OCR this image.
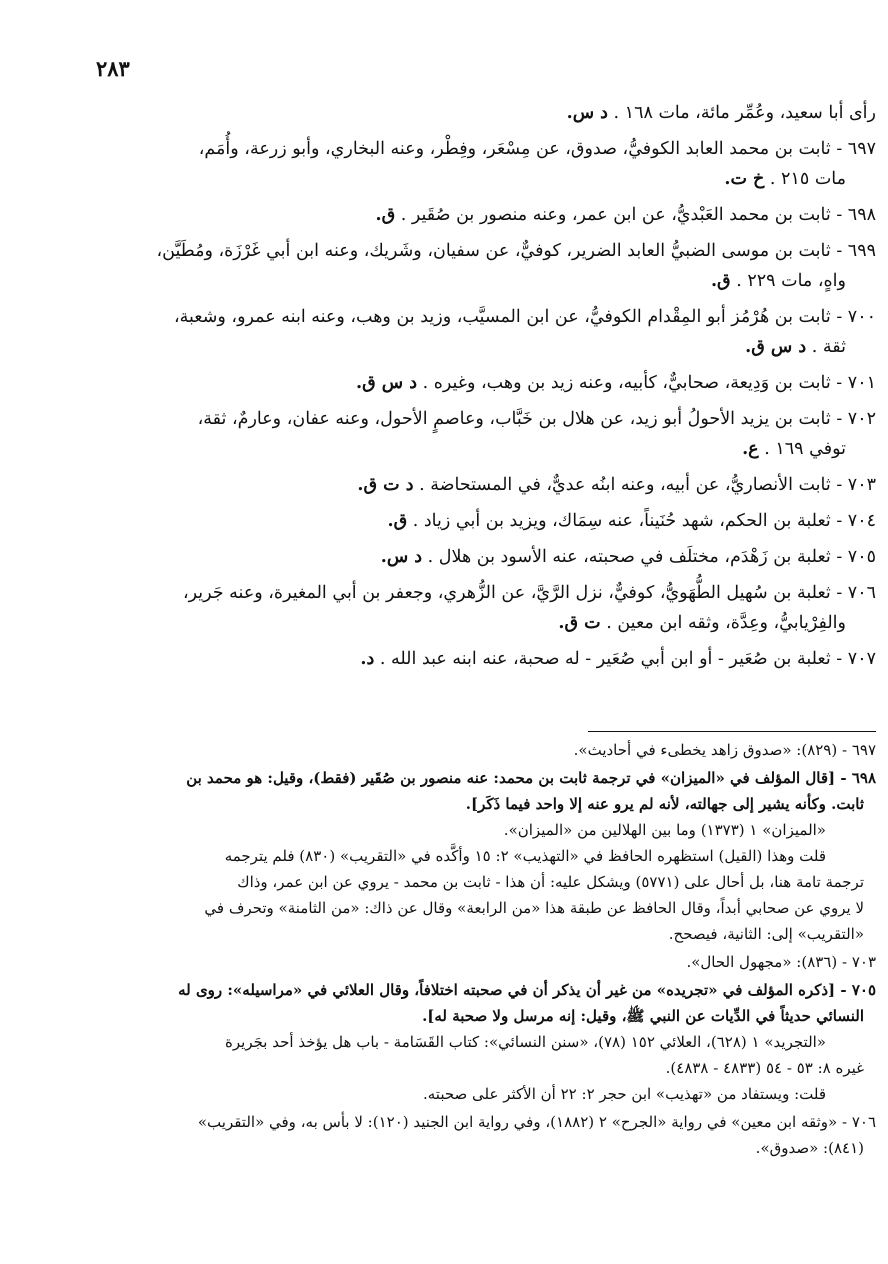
٢٨٣
رأى أبا سعيد، وعُمِّر مائة، مات ١٦٨ . د س.
٦٩٧ - ثابت بن محمد العابد الكوفيُّ، صدوق، عن مِسْعَر، وفِطْر، وعنه البخاري، وأبو زرعة، وأُمَم،
مات ٢١٥ . خ ت.
٦٩٨ - ثابت بن محمد العَبْديُّ، عن ابن عمر، وعنه منصور بن صُقَير . ق.
٦٩٩ - ثابت بن موسى الضبيُّ العابد الضرير، كوفيٌّ، عن سفيان، وشَريك، وعنه ابن أبي غَرْزَة، ومُطَيَّن،
واهٍ، مات ٢٢٩ . ق.
٧٠٠ - ثابت بن هُرْمُز أبو المِقْدام الكوفيُّ، عن ابن المسيَّب، وزيد بن وهب، وعنه ابنه عمرو، وشعبة،
ثقة . د س ق.
٧٠١ - ثابت بن وَدِيعة، صحابيٌّ، كأبيه، وعنه زيد بن وهب، وغيره . د س ق.
٧٠٢ - ثابت بن يزيد الأحولُ أبو زيد، عن هلال بن خَبَّاب، وعاصمٍ الأحول، وعنه عفان، وعارمٌ، ثقة،
توفي ١٦٩ . ع.
٧٠٣ - ثابت الأنصاريُّ، عن أبيه، وعنه ابنُه عديٌّ، في المستحاضة . د ت ق.
٧٠٤ - ثعلبة بن الحكم، شهد حُنَيناً، عنه سِمَاك، ويزيد بن أبي زياد . ق.
٧٠٥ - ثعلبة بن زَهْدَم، مختلَف في صحبته، عنه الأسود بن هلال . د س.
٧٠٦ - ثعلبة بن سُهيل الطُّهَويُّ، كوفيٌّ، نزل الرَّيَّ، عن الزُّهري، وجعفر بن أبي المغيرة، وعنه جَرير،
والفِرْيابيُّ، وعِدَّة، وثقه ابن معين . ت ق.
٧٠٧ - ثعلبة بن صُعَير - أو ابن أبي صُعَير - له صحبة، عنه ابنه عبد الله . د.
٦٩٧ - (٨٢٩): «صدوق زاهد يخطىء في أحاديث».
٦٩٨ - [قال المؤلف في «الميزان» في ترجمة ثابت بن محمد: عنه منصور بن صُقَير (فقط)، وقيل: هو محمد بن
ثابت. وكأنه يشير إلى جهالته، لأنه لم يرو عنه إلا واحد فيما ذَكَر].
«الميزان» ١ (١٣٧٣) وما بين الهلالين من «الميزان».
قلت وهذا (القيل) استظهره الحافظ في «التهذيب» ٢: ١٥ وأكَّده في «التقريب» (٨٣٠) فلم يترجمه
ترجمة تامة هنا، بل أحال على (٥٧٧١) ويشكل عليه: أن هذا - ثابت بن محمد - يروي عن ابن عمر، وذاك
لا يروي عن صحابي أبداً، وقال الحافظ عن طبقة هذا «من الرابعة» وقال عن ذاك: «من الثامنة» وتحرف في
«التقريب» إلى: الثانية، فيصحح.
٧٠٣ - (٨٣٦): «مجهول الحال».
٧٠٥ - [ذكره المؤلف في «تجريده» من غير أن يذكر أن في صحبته اختلافاً، وقال العلائي في «مراسيله»: روى له
النسائي حديثاً في الدِّيات عن النبي ﷺ، وقيل: إنه مرسل ولا صحبة له].
«التجريد» ١ (٦٢٨)، العلائي ١٥٢ (٧٨)، «سنن النسائي»: كتاب القَسَامة - باب هل يؤخذ أحد بجَريرة
غيره ٨: ٥٣ - ٥٤ (٤٨٣٣ - ٤٨٣٨).
قلت: ويستفاد من «تهذيب» ابن حجر ٢: ٢٢ أن الأكثر على صحبته.
٧٠٦ - «وثقه ابن معين» في رواية «الجرح» ٢ (١٨٨٢)، وفي رواية ابن الجنيد (١٢٠): لا بأس به، وفي «التقريب»
(٨٤١): «صدوق».
